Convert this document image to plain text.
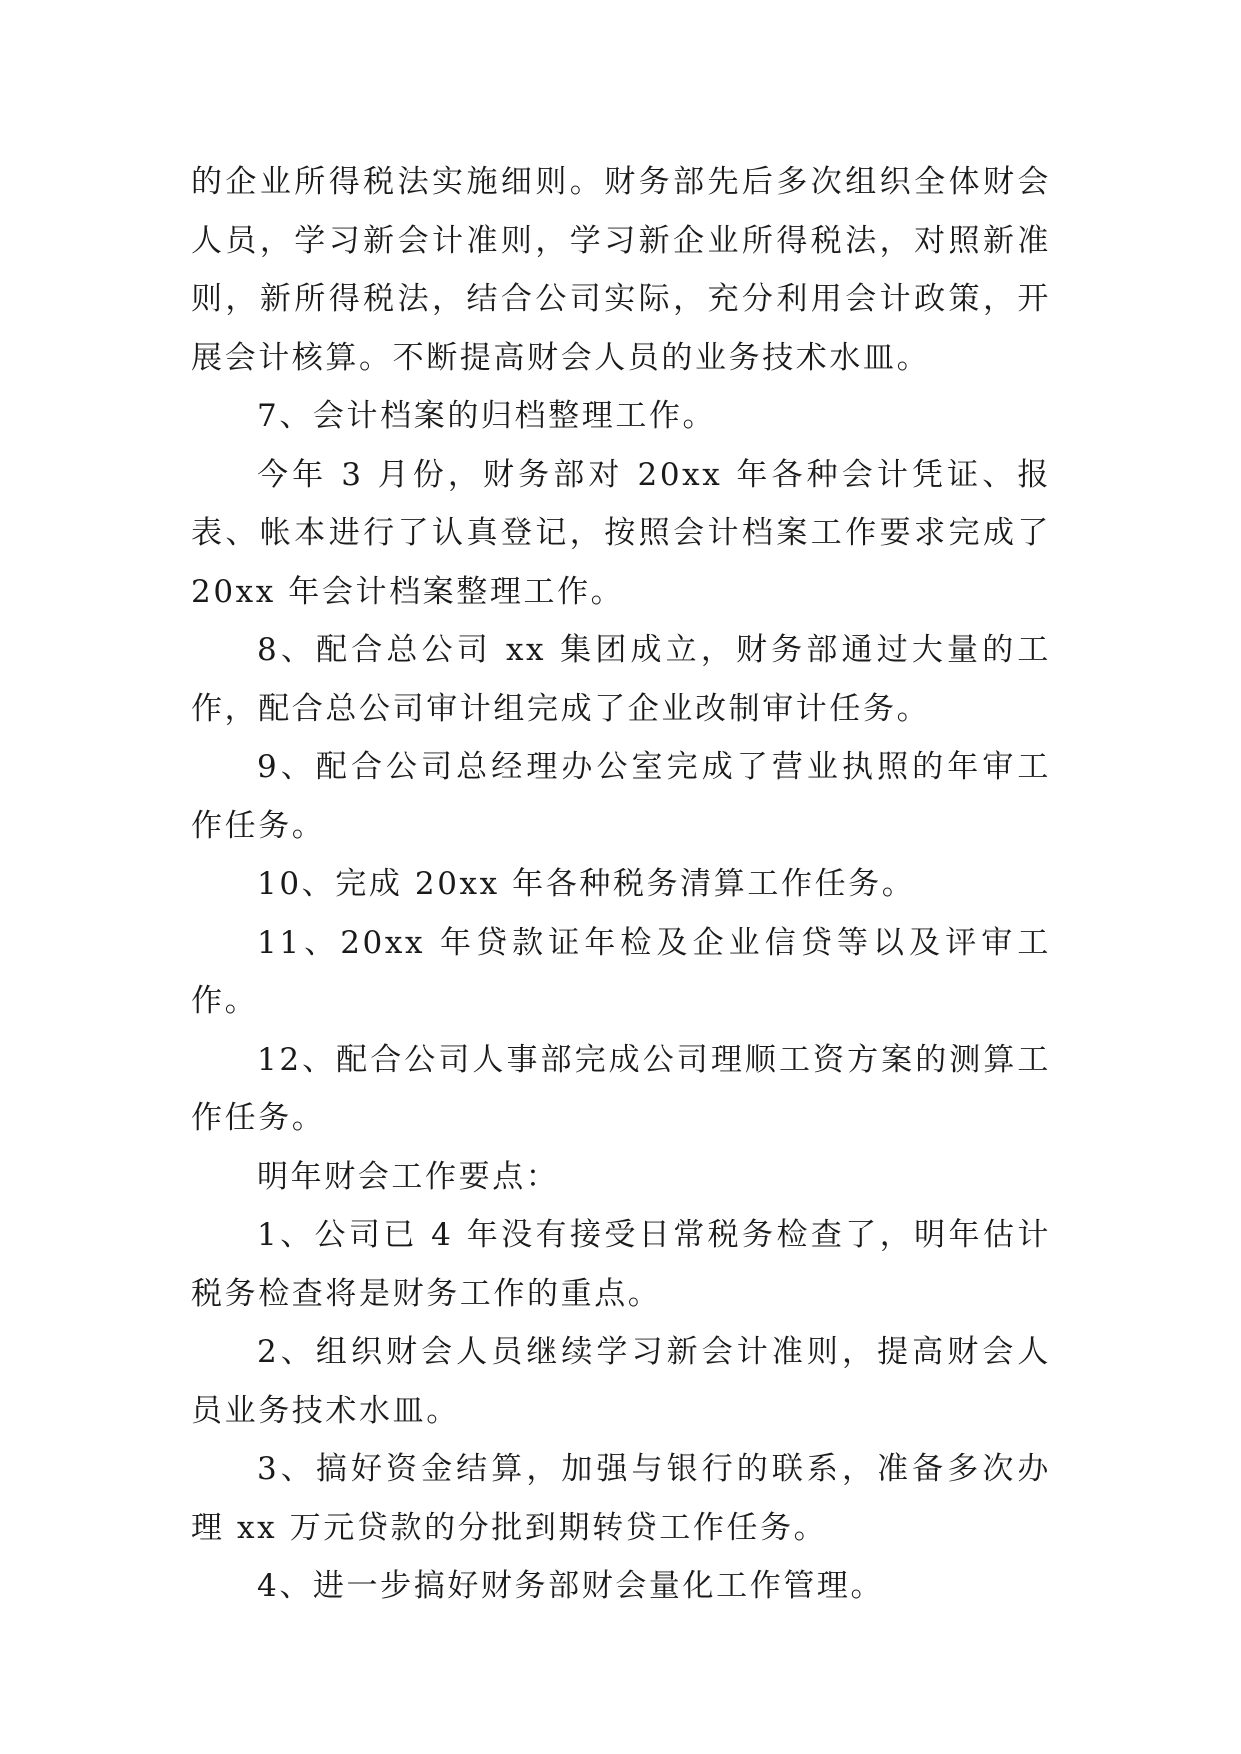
的企业所得税法实施细则。财务部先后多次组织全体财会人员，学习新会计准则，学习新企业所得税法，对照新准则，新所得税法，结合公司实际，充分利用会计政策，开展会计核算。不断提高财会人员的业务技术水皿。

7、会计档案的归档整理工作。

今年 3 月份，财务部对 20xx 年各种会计凭证、报表、帐本进行了认真登记，按照会计档案工作要求完成了 20xx 年会计档案整理工作。

8、配合总公司 xx 集团成立，财务部通过大量的工作，配合总公司审计组完成了企业改制审计任务。

9、配合公司总经理办公室完成了营业执照的年审工作任务。

10、完成 20xx 年各种税务清算工作任务。

11、20xx 年贷款证年检及企业信贷等以及评审工作。

12、配合公司人事部完成公司理顺工资方案的测算工作任务。

明年财会工作要点：

1、公司已 4 年没有接受日常税务检查了，明年估计税务检查将是财务工作的重点。

2、组织财会人员继续学习新会计准则，提高财会人员业务技术水皿。

3、搞好资金结算，加强与银行的联系，准备多次办理 xx 万元贷款的分批到期转贷工作任务。

4、进一步搞好财务部财会量化工作管理。
